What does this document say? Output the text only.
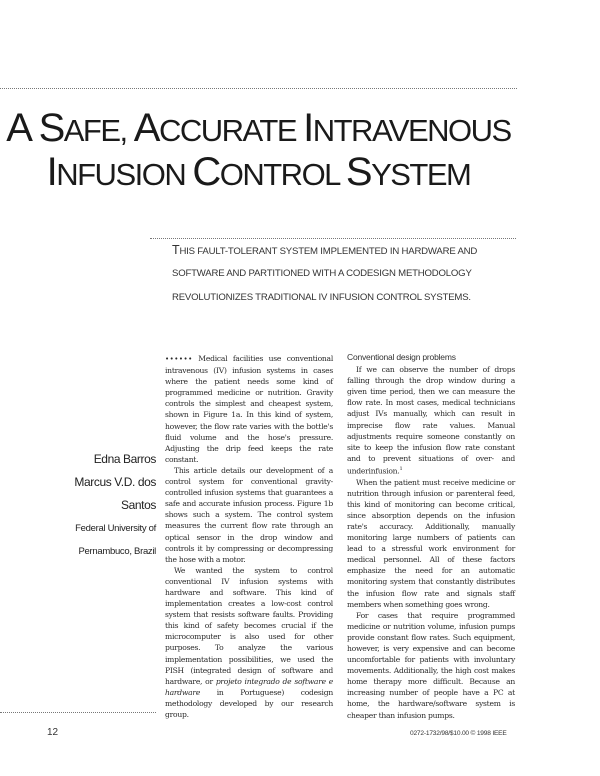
A SAFE, ACCURATE INTRAVENOUS
INFUSION CONTROL SYSTEM
THIS FAULT-TOLERANT SYSTEM IMPLEMENTED IN HARDWARE AND
SOFTWARE AND PARTITIONED WITH A CODESIGN METHODOLOGY
REVOLUTIONIZES TRADITIONAL IV INFUSION CONTROL SYSTEMS.
Edna Barros
Marcus V.D. dos
Santos
Federal University of
Pernambuco, Brazil

•••••• Medical facilities use conventional intravenous (IV) infusion systems in cases where the patient needs some kind of programmed medicine or nutrition. Gravity controls the simplest and cheapest system, shown in Figure 1a. In this kind of system, however, the flow rate varies with the bottle's fluid volume and the hose's pressure. Adjusting the drip feed keeps the rate constant.

This article details our development of a control system for conventional gravity-controlled infusion systems that guarantees a safe and accurate infusion process. Figure 1b shows such a system. The control system measures the current flow rate through an optical sensor in the drop window and controls it by compressing or decompressing the hose with a motor.

We wanted the system to control conventional IV infusion systems with hardware and software. This kind of implementation creates a low-cost control system that resists software faults. Providing this kind of safety becomes crucial if the microcomputer is also used for other purposes. To analyze the various implementation possibilities, we used the PISH (integrated design of software and hardware, or projeto integrado de software e hardware in Portuguese) codesign methodology developed by our research group.

Conventional design problems

If we can observe the number of drops falling through the drop window during a given time period, then we can measure the flow rate. In most cases, medical technicians adjust IVs manually, which can result in imprecise flow rate values. Manual adjustments require someone constantly on site to keep the infusion flow rate constant and to prevent situations of over- and underinfusion.$^1$

When the patient must receive medicine or nutrition through infusion or parenteral feed, this kind of monitoring can become critical, since absorption depends on the infusion rate's accuracy. Additionally, manually monitoring large numbers of patients can lead to a stressful work environment for medical personnel. All of these factors emphasize the need for an automatic monitoring system that constantly distributes the infusion flow rate and signals staff members when something goes wrong.

For cases that require programmed medicine or nutrition volume, infusion pumps provide constant flow rates. Such equipment, however, is very expensive and can become uncomfortable for patients with involuntary movements. Additionally, the high cost makes home therapy more difficult. Because an increasing number of people have a PC at home, the hardware/software system is cheaper than infusion pumps.

12	0272-1732/98/$10.00 © 1998 IEEE
